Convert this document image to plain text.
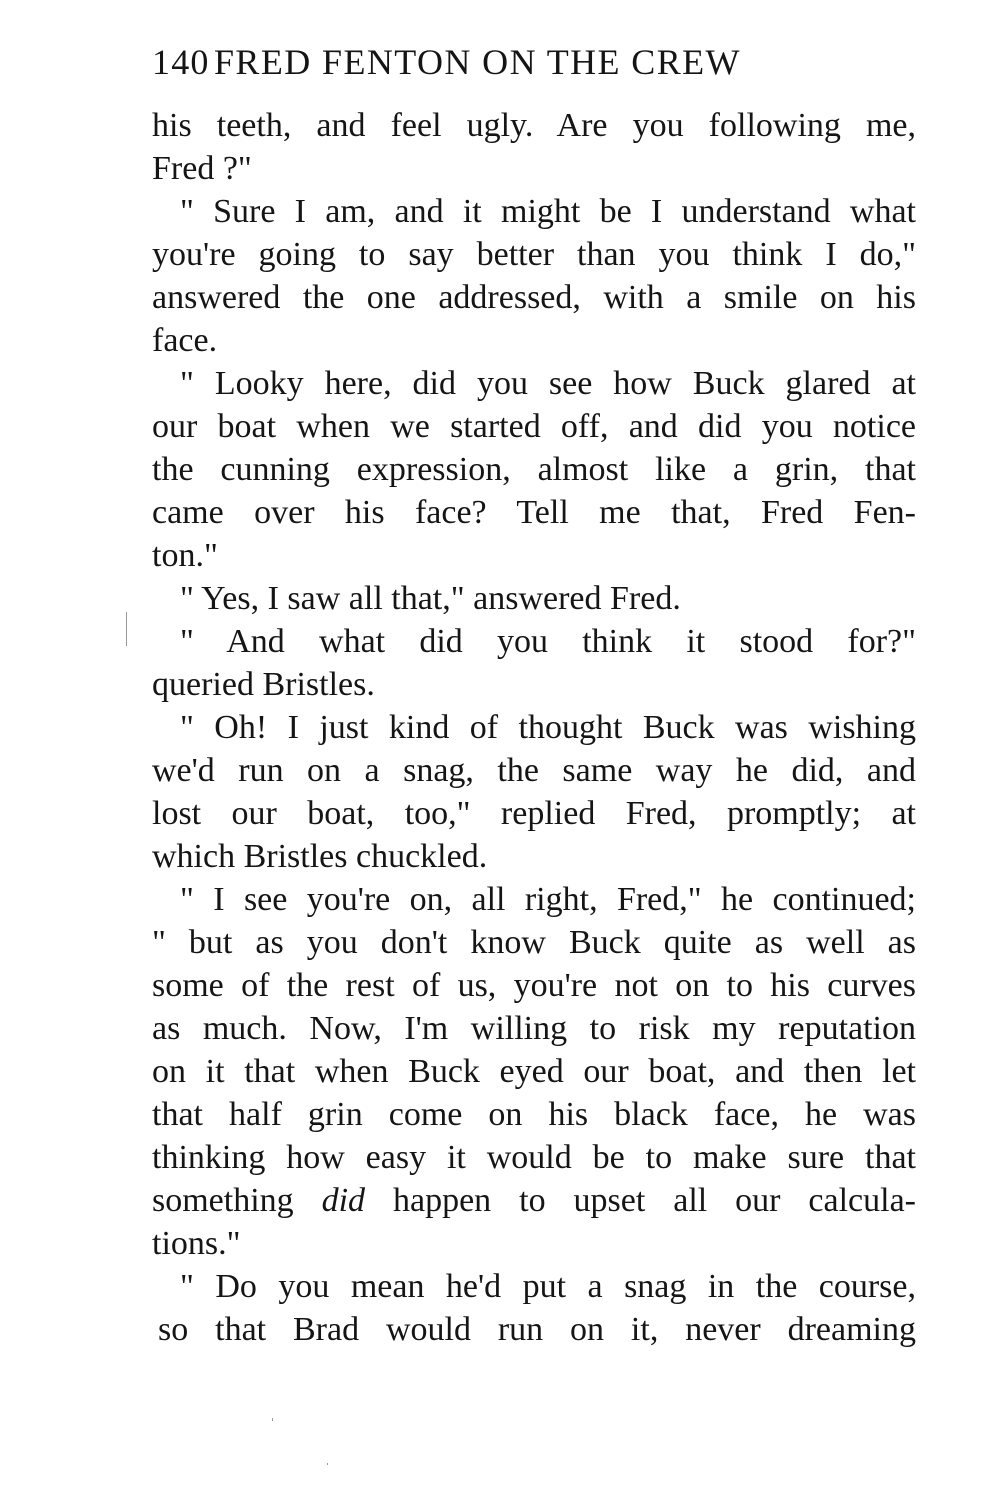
140 FRED FENTON ON THE CREW
his teeth, and feel ugly. Are you following me,
Fred ?"
" Sure I am, and it might be I understand what
you're going to say better than you think I do,"
answered the one addressed, with a smile on his
face.
" Looky here, did you see how Buck glared at
our boat when we started off, and did you notice
the cunning expression, almost like a grin, that
came over his face? Tell me that, Fred Fen-
ton."
" Yes, I saw all that," answered Fred.
" And what did you think it stood for?"
queried Bristles.
" Oh! I just kind of thought Buck was wishing
we'd run on a snag, the same way he did, and
lost our boat, too," replied Fred, promptly; at
which Bristles chuckled.
" I see you're on, all right, Fred," he continued;
" but as you don't know Buck quite as well as
some of the rest of us, you're not on to his curves
as much. Now, I'm willing to risk my reputation
on it that when Buck eyed our boat, and then let
that half grin come on his black face, he was
thinking how easy it would be to make sure that
something did happen to upset all our calcula-
tions."
" Do you mean he'd put a snag in the course,
so that Brad would run on it, never dreaming
